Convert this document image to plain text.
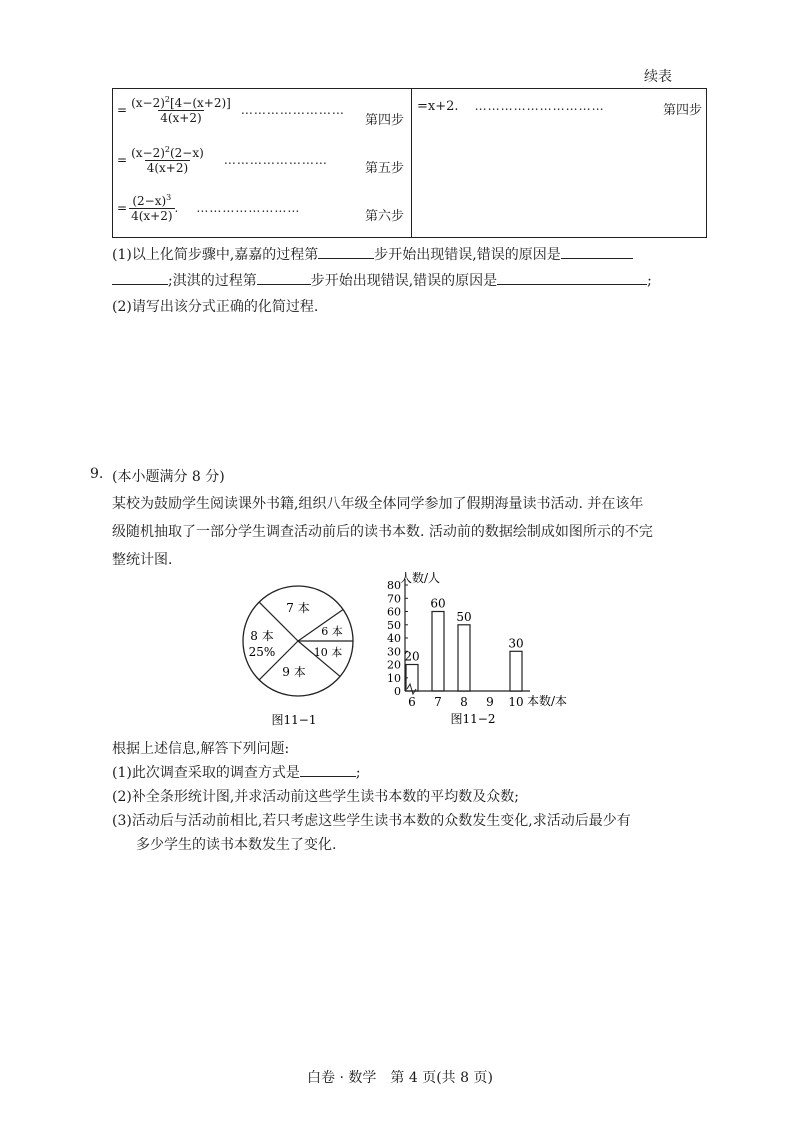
续表
= $\frac{(x-2)^2[4-(x+2)]}{4(x+2)}$ ……………………
第四步
= $\frac{(x-2)^2(2-x)}{4(x+2)}$ ……………………
第五步
= $\frac{(2-x)^3}{4(x+2)}$ . ……………………
第六步
=x+2. …………………………	第四步
(1)以上化简步骤中,嘉嘉的过程第	步开始出现错误,错误的原因是
;淇淇的过程第	步开始出现错误,错误的原因是	;
(2)请写出该分式正确的化简过程.
9. (本小题满分 8 分)
某校为鼓励学生阅读课外书籍,组织八年级全体同学参加了假期海量读书活动. 并在该年
级随机抽取了一部分学生调查活动前后的读书本数. 活动前的数据绘制成如图所示的不完
整统计图.
7 本
6 本
10 本
9 本
8 本
25%
图11−1
0
10
20
30
40
50
60
70
80
20
60
50
30
6 7 8 9 10
人数/人
本数/本
图11−2
根据上述信息,解答下列问题:
(1)此次调查采取的调查方式是	;
(2)补全条形统计图,并求活动前这些学生读书本数的平均数及众数;
(3)活动后与活动前相比,若只考虑这些学生读书本数的众数发生变化,求活动后最少有
多少学生的读书本数发生了变化.
白卷 · 数学　第 4 页(共 8 页)
